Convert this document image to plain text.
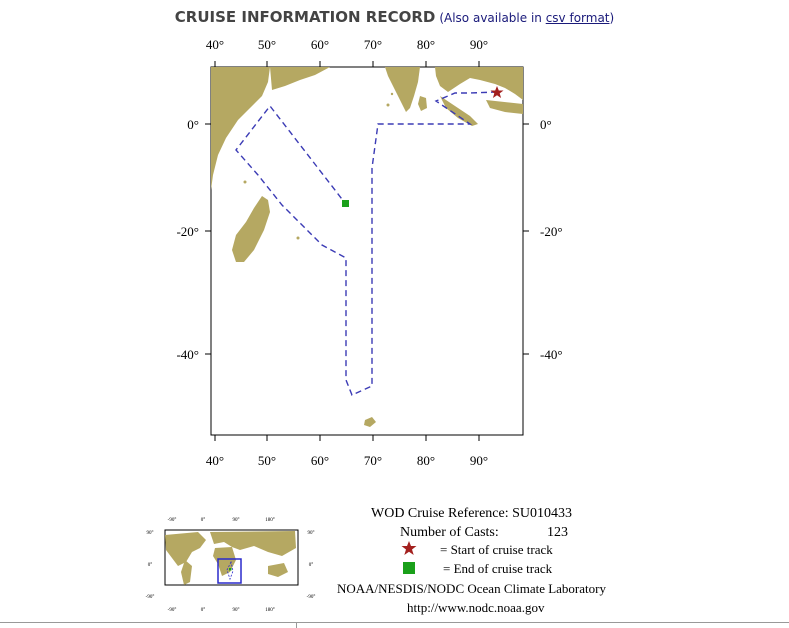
CRUISE INFORMATION RECORD (Also available in csv format)
40°	50°	60°	70°	80°	90°
40°	50°	60°	70°	80°	90°
0°
-20°
-40°
0°
-20°
-40°
-90°	0°	90°	180°
-90°	0°	90°	180°
90°
0°
-90°
90°
0°
-90°
WOD Cruise Reference: SU010433
Number of Casts:	123
= Start of cruise track
= End of cruise track
NOAA/NESDIS/NODC Ocean Climate Laboratory
http://www.nodc.noaa.gov
